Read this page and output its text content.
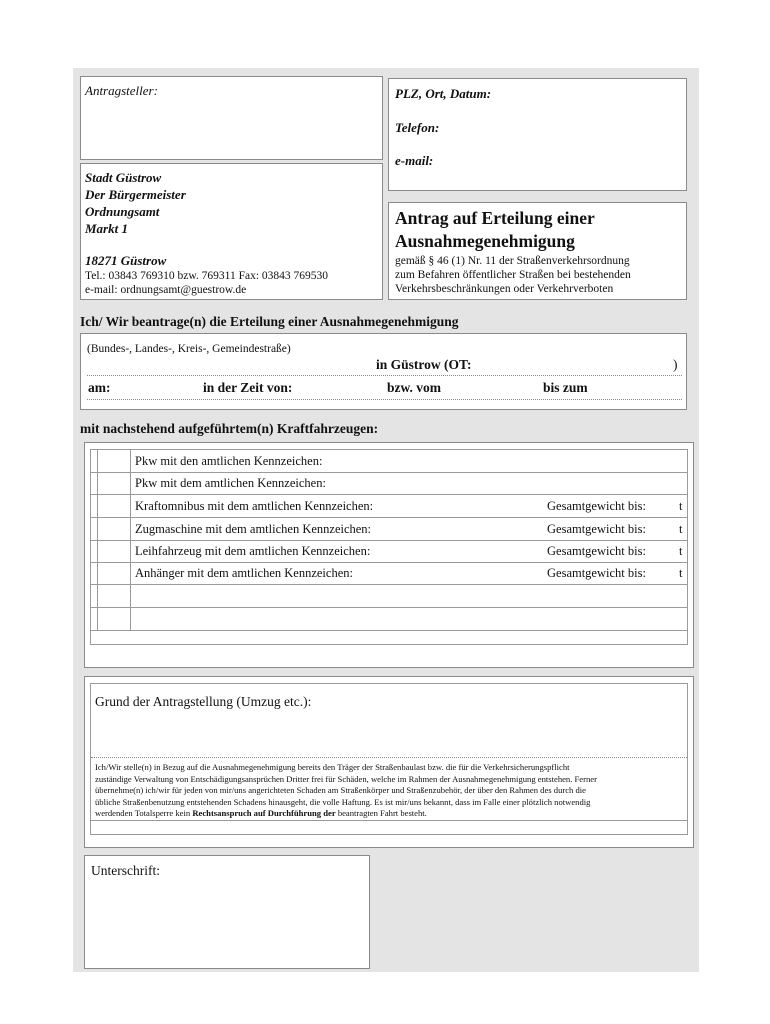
Antragsteller:	PLZ, Ort, Datum:
Telefon:
e-mail:
Stadt Güstrow
Der Bürgermeister
Ordnungsamt
Markt 1
18271 Güstrow
Tel.: 03843 769310 bzw. 769311 Fax: 03843 769530
e-mail: ordnungsamt@guestrow.de
Antrag auf Erteilung einer
Ausnahmegenehmigung
gemäß § 46 (1) Nr. 11 der Straßenverkehrsordnung
zum Befahren öffentlicher Straßen bei bestehenden
Verkehrsbeschränkungen oder Verkehrverboten
Ich/ Wir beantrage(n) die Erteilung einer Ausnahmegenehmigung
(Bundes-, Landes-, Kreis-, Gemeindestraße)
in Güstrow (OT:	)
am:	in der Zeit von:	bzw. vom	bis zum
mit nachstehend aufgeführtem(n) Kraftfahrzeugen:
Pkw mit den amtlichen Kennzeichen:
Pkw mit dem amtlichen Kennzeichen:
Kraftomnibus mit dem amtlichen Kennzeichen:	Gesamtgewicht bis:	t
Zugmaschine mit dem amtlichen Kennzeichen:	Gesamtgewicht bis:	t
Leihfahrzeug mit dem amtlichen Kennzeichen:	Gesamtgewicht bis:	t
Anhänger mit dem amtlichen Kennzeichen:	Gesamtgewicht bis:	t
Grund der Antragstellung (Umzug etc.):
Ich/Wir stelle(n) in Bezug auf die Ausnahmegenehmigung bereits den Träger der Straßenbaulast bzw. die für die Verkehrsicherungspflicht
zuständige Verwaltung von Entschädigungsansprüchen Dritter frei für Schäden, welche im Rahmen der Ausnahmegenehmigung entstehen. Ferner
übernehme(n) ich/wir für jeden von mir/uns angerichteten Schaden am Straßenkörper und Straßenzubehör, der über den Rahmen des durch die
übliche Straßenbenutzung entstehenden Schadens hinausgeht, die volle Haftung. Es ist mir/uns bekannt, dass im Falle einer plötzlich notwendig
werdenden Totalsperre kein Rechtsanspruch auf Durchführung der beantragten Fahrt besteht.
Unterschrift:
